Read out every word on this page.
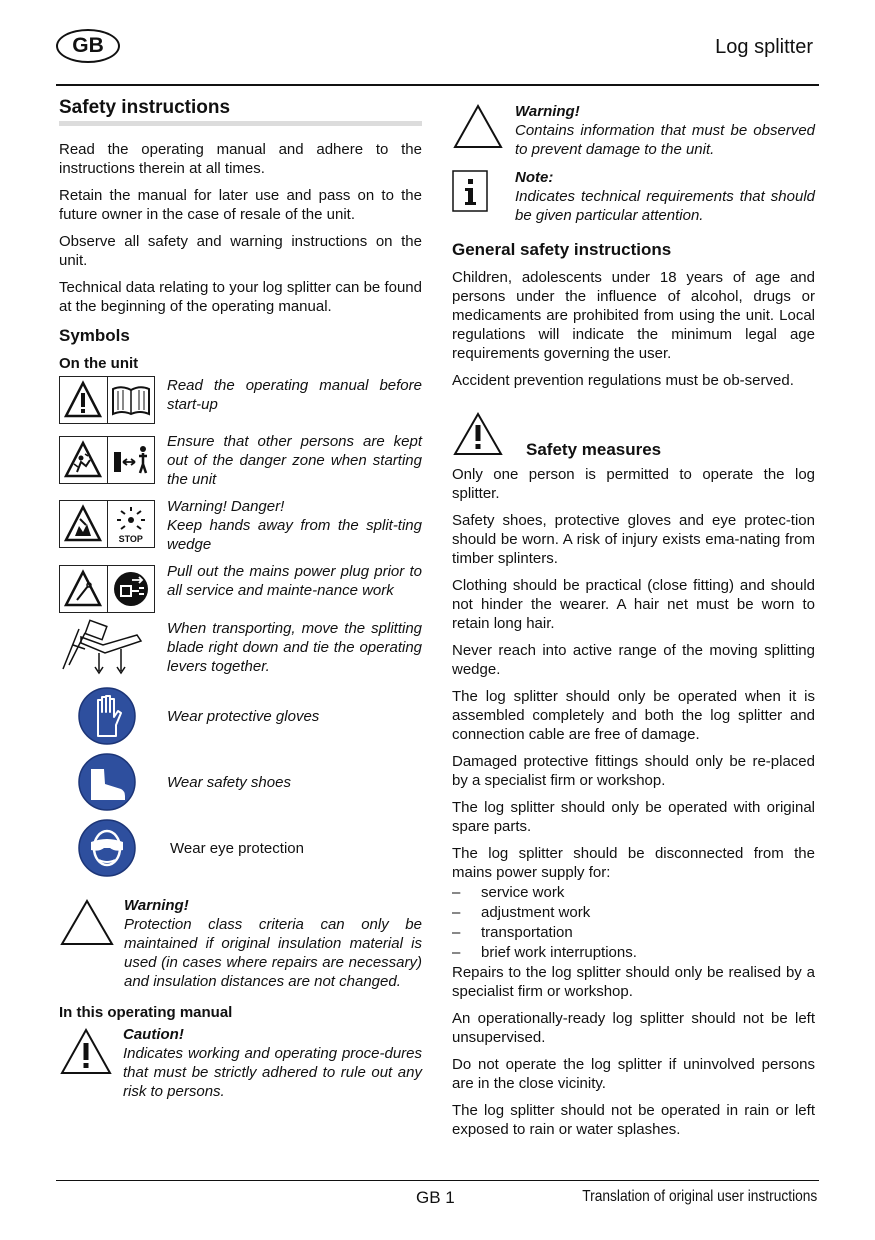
GB	Log splitter
Safety instructions

Read the operating manual and adhere to the instructions therein at all times.

Retain the manual for later use and pass on to the future owner in the case of resale of the unit.

Observe all safety and warning instructions on the unit.

Technical data relating to your log splitter can be found at the beginning of the operating manual.

Symbols
On the unit
Read the operating manual before start-up
Ensure that other persons are kept out of the danger zone when starting the unit
STOP
Warning! Danger!
Keep hands away from the split-ting wedge
Pull out the mains power plug prior to all service and mainte-nance work
When transporting, move the splitting blade right down and tie the operating levers together.
Wear protective gloves
Wear safety shoes
Wear eye protection
Warning!
Protection class criteria can only be maintained if original insulation material is used (in cases where repairs are necessary) and insulation distances are not changed.
In this operating manual
Caution!
Indicates working and operating proce-dures that must be strictly adhered to rule out any risk to persons.
Warning!
Contains information that must be observed to prevent damage to the unit.
Note:
Indicates technical requirements that should be given particular attention.
General safety instructions

Children, adolescents under 18 years of age and persons under the influence of alcohol, drugs or medicaments are prohibited from using the unit. Local regulations will indicate the minimum legal age requirements governing the user.

Accident prevention regulations must be ob-served.

Safety measures

Only one person is permitted to operate the log splitter.

Safety shoes, protective gloves and eye protec-tion should be worn. A risk of injury exists ema-nating from timber splinters.

Clothing should be practical (close fitting) and should not hinder the wearer. A hair net must be worn to retain long hair.

Never reach into active range of the moving splitting wedge.

The log splitter should only be operated when it is assembled completely and both the log splitter and connection cable are free of damage.

Damaged protective fittings should only be re-placed by a specialist firm or workshop.

The log splitter should only be operated with original spare parts.

The log splitter should be disconnected from the mains power supply for:

– service work
– adjustment work
– transportation
– brief work interruptions.

Repairs to the log splitter should only be realised by a specialist firm or workshop.

An operationally-ready log splitter should not be left unsupervised.

Do not operate the log splitter if uninvolved persons are in the close vicinity.

The log splitter should not be operated in rain or left exposed to rain or water splashes.

GB 1	Translation of original user instructions
